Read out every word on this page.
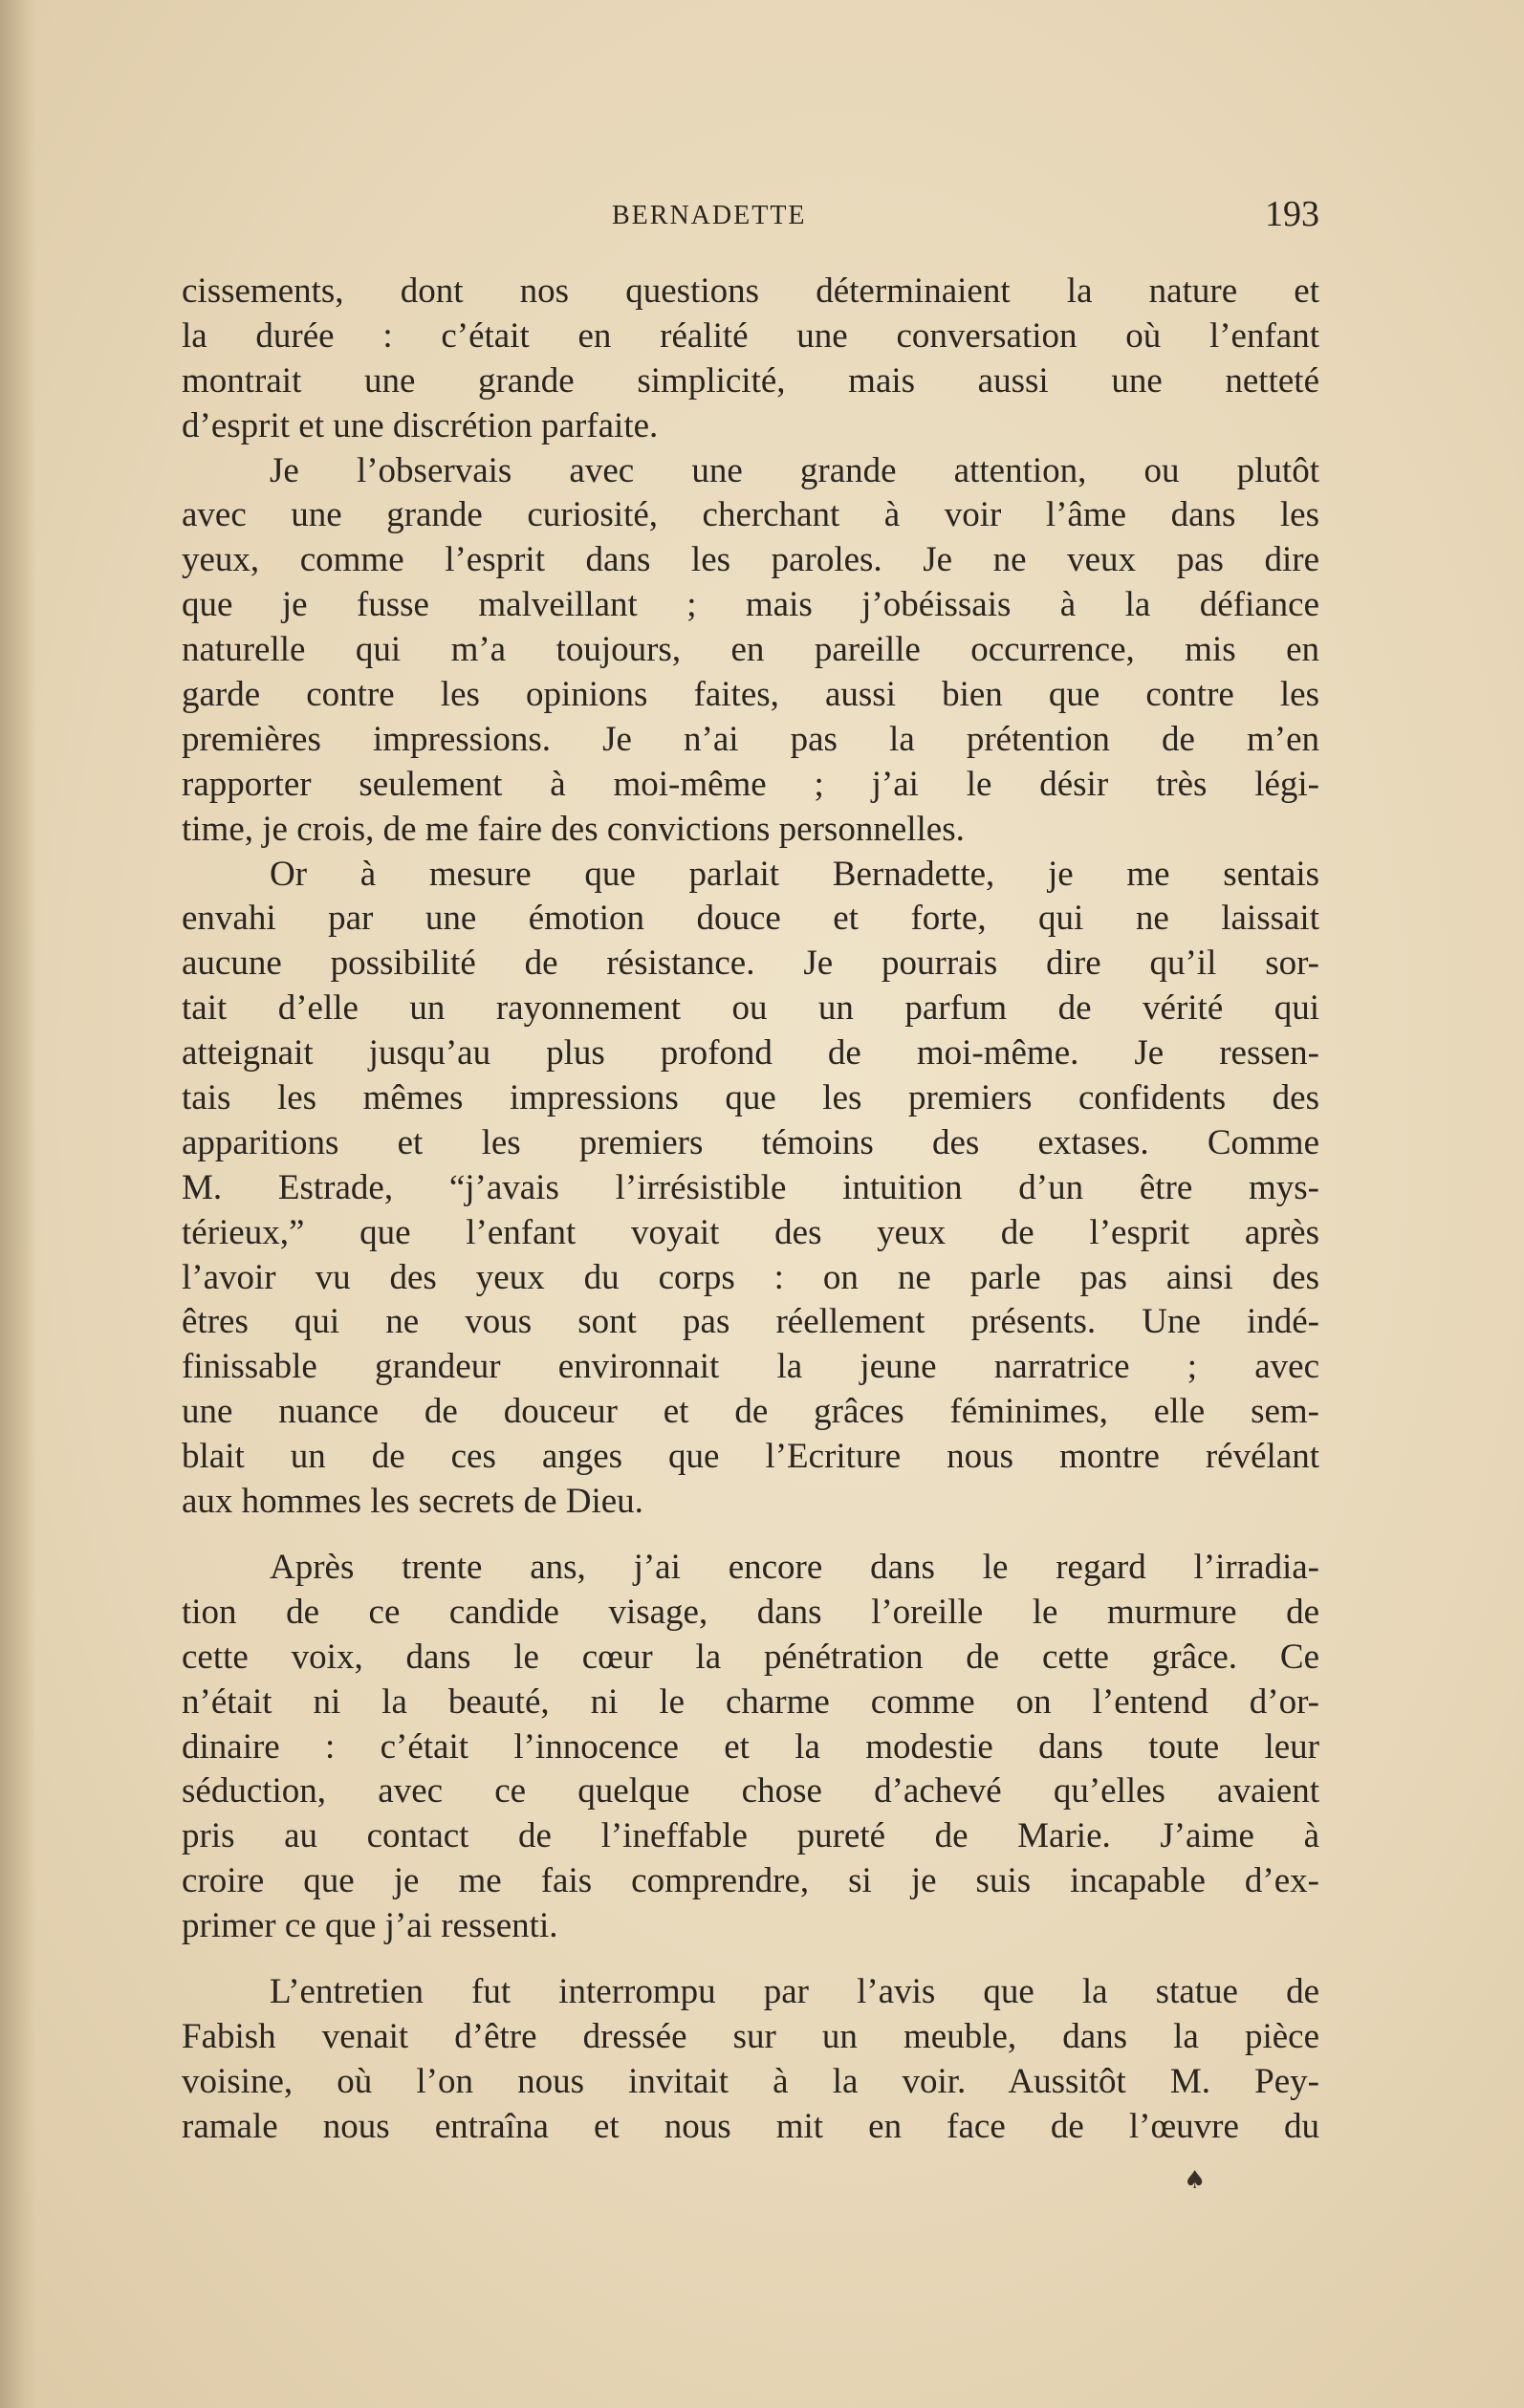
BERNADETTE	193
cissements, dont nos questions déterminaient la nature et
la durée : c’était en réalité une conversation où l’enfant
montrait une grande simplicité, mais aussi une netteté
d’esprit et une discrétion parfaite.
Je l’observais avec une grande attention, ou plutôt
avec une grande curiosité, cherchant à voir l’âme dans les
yeux, comme l’esprit dans les paroles. Je ne veux pas dire
que je fusse malveillant ; mais j’obéissais à la défiance
naturelle qui m’a toujours, en pareille occurrence, mis en
garde contre les opinions faites, aussi bien que contre les
premières impressions. Je n’ai pas la prétention de m’en
rapporter seulement à moi-même ; j’ai le désir très légi-
time, je crois, de me faire des convictions personnelles.
Or à mesure que parlait Bernadette, je me sentais
envahi par une émotion douce et forte, qui ne laissait
aucune possibilité de résistance. Je pourrais dire qu’il sor-
tait d’elle un rayonnement ou un parfum de vérité qui
atteignait jusqu’au plus profond de moi-même. Je ressen-
tais les mêmes impressions que les premiers confidents des
apparitions et les premiers témoins des extases. Comme
M. Estrade, “j’avais l’irrésistible intuition d’un être mys-
térieux,” que l’enfant voyait des yeux de l’esprit après
l’avoir vu des yeux du corps : on ne parle pas ainsi des
êtres qui ne vous sont pas réellement présents. Une indé-
finissable grandeur environnait la jeune narratrice ; avec
une nuance de douceur et de grâces féminimes, elle sem-
blait un de ces anges que l’Ecriture nous montre révélant
aux hommes les secrets de Dieu.
Après trente ans, j’ai encore dans le regard l’irradia-
tion de ce candide visage, dans l’oreille le murmure de
cette voix, dans le cœur la pénétration de cette grâce. Ce
n’était ni la beauté, ni le charme comme on l’entend d’or-
dinaire : c’était l’innocence et la modestie dans toute leur
séduction, avec ce quelque chose d’achevé qu’elles avaient
pris au contact de l’ineffable pureté de Marie. J’aime à
croire que je me fais comprendre, si je suis incapable d’ex-
primer ce que j’ai ressenti.
L’entretien fut interrompu par l’avis que la statue de
Fabish venait d’être dressée sur un meuble, dans la pièce
voisine, où l’on nous invitait à la voir. Aussitôt M. Pey-
ramale nous entraîna et nous mit en face de l’œuvre du
♠
